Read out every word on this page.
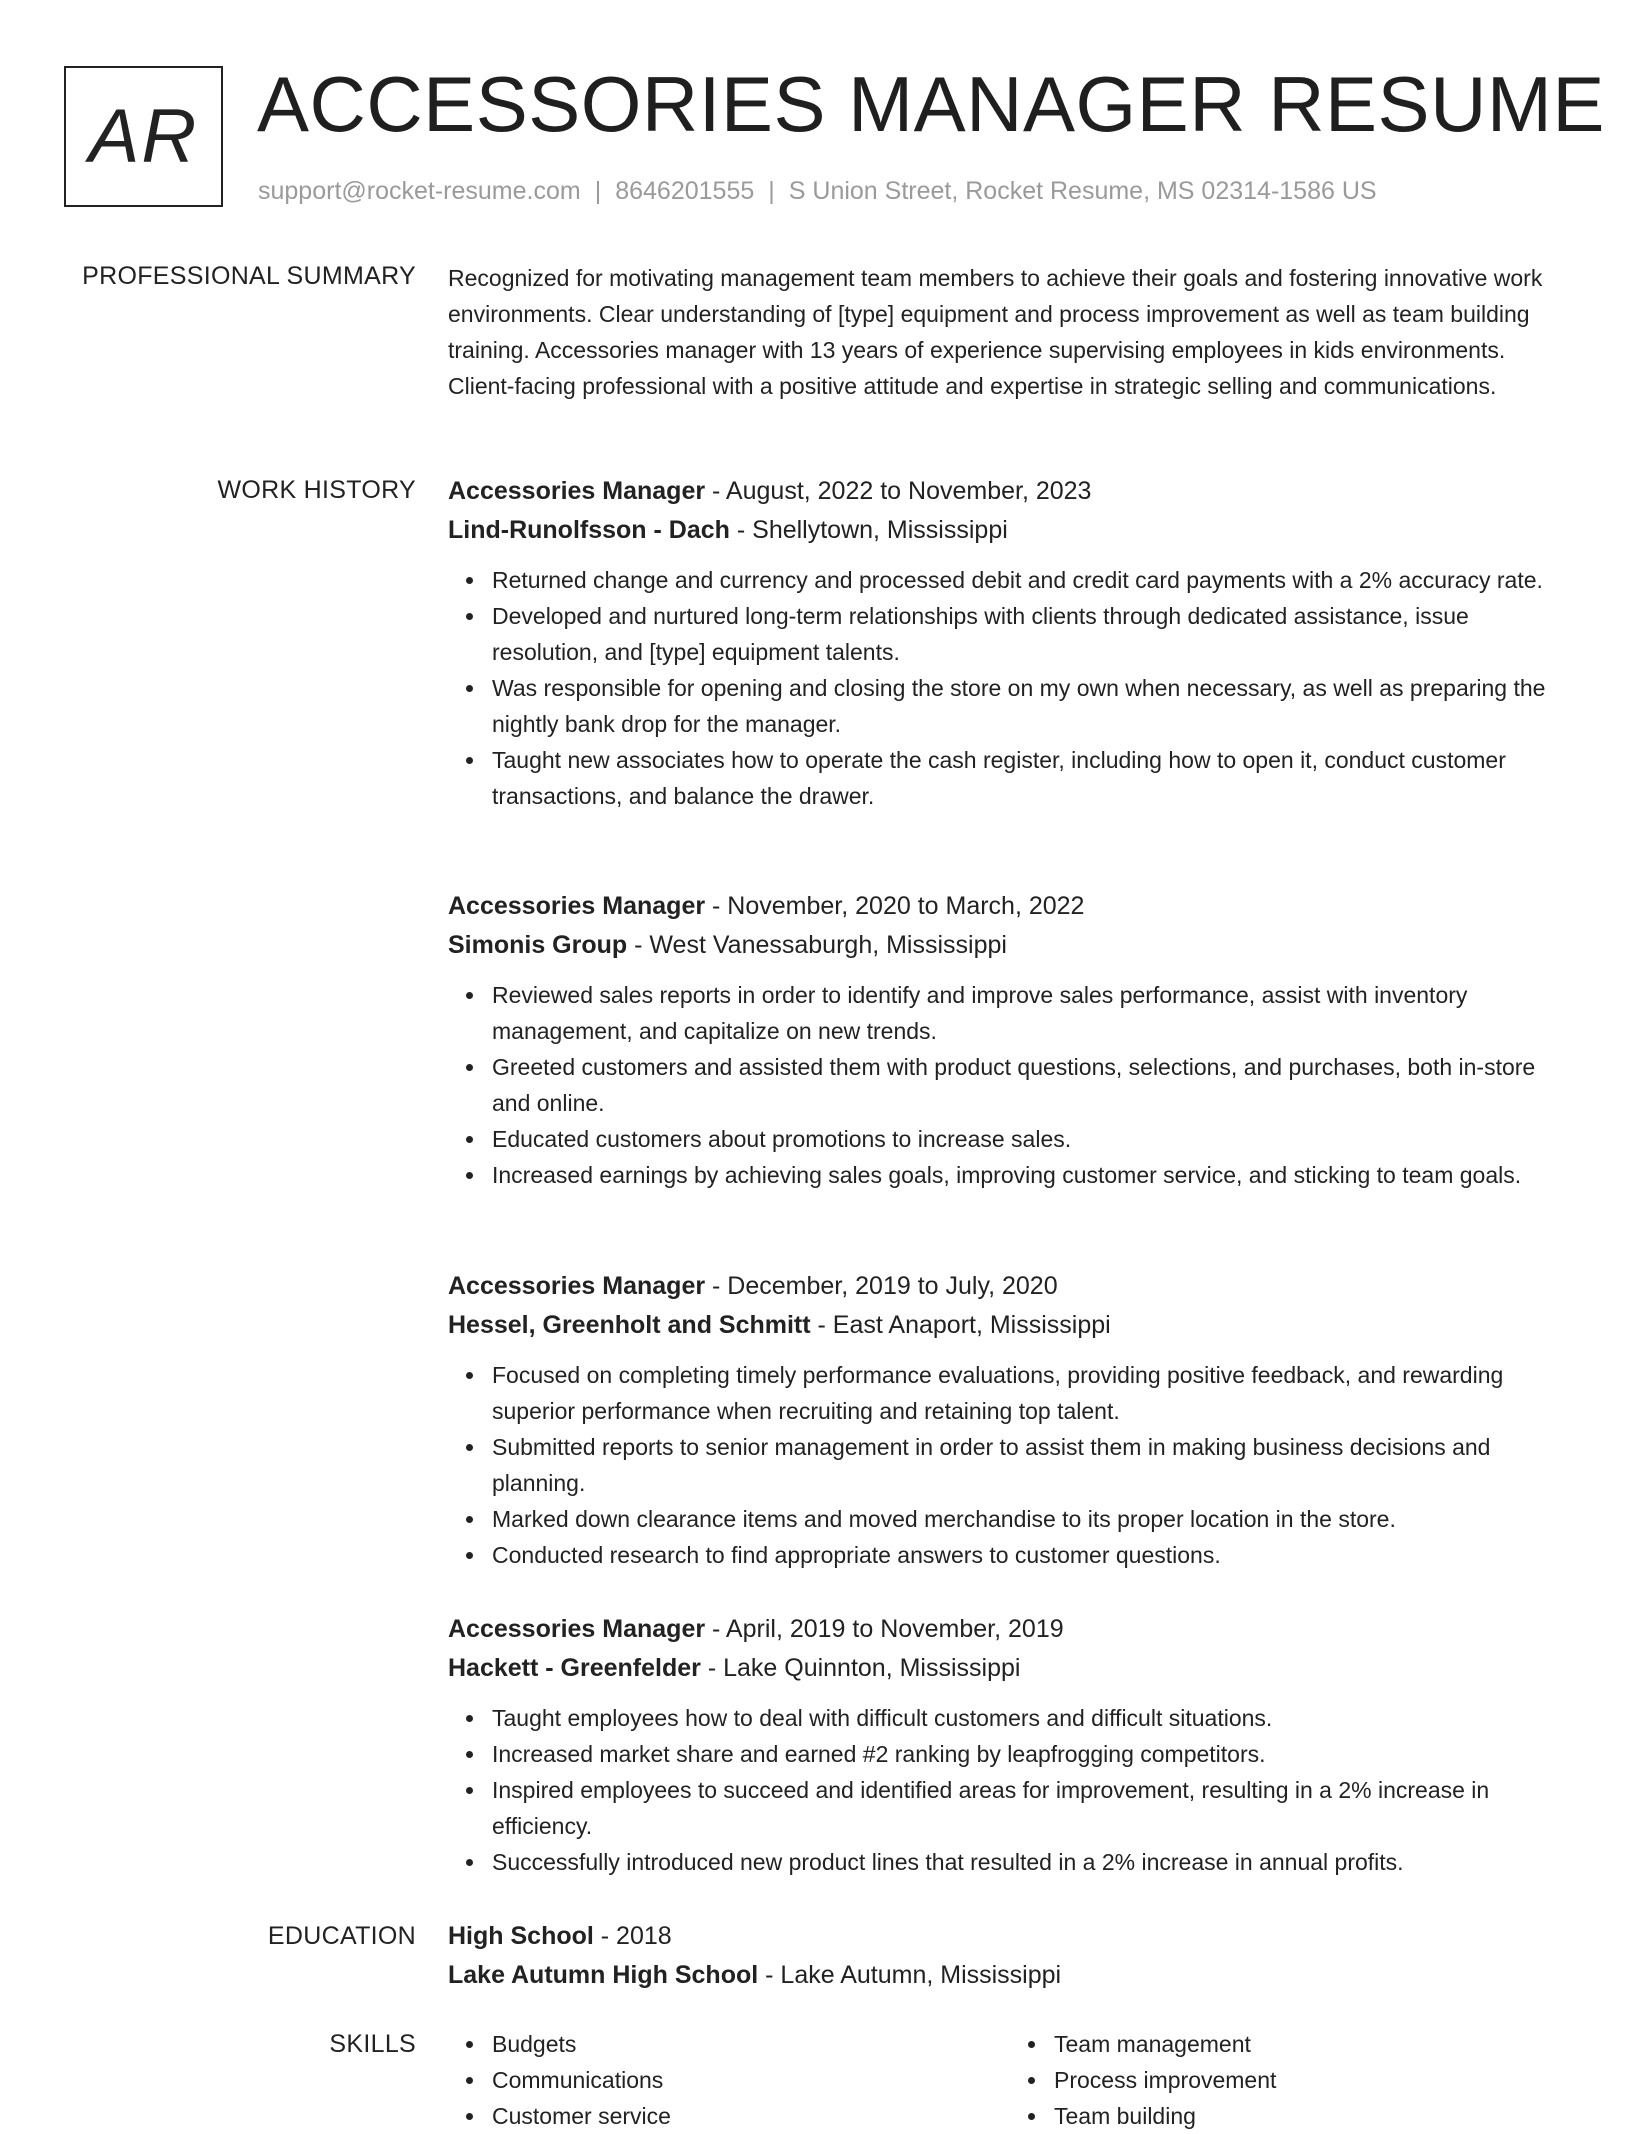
AR ACCESSORIES MANAGER RESUME
support@rocket-resume.com | 8646201555 | S Union Street, Rocket Resume, MS 02314-1586 US
PROFESSIONAL SUMMARY Recognized for motivating management team members to achieve their goals and fostering innovative work environments. Clear understanding of [type] equipment and process improvement as well as team building training. Accessories manager with 13 years of experience supervising employees in kids environments. Client-facing professional with a positive attitude and expertise in strategic selling and communications.
WORK HISTORY Accessories Manager - August, 2022 to November, 2023
Lind-Runolfsson - Dach - Shellytown, Mississippi
Returned change and currency and processed debit and credit card payments with a 2% accuracy rate.
Developed and nurtured long-term relationships with clients through dedicated assistance, issue resolution, and [type] equipment talents.
Was responsible for opening and closing the store on my own when necessary, as well as preparing the nightly bank drop for the manager.
Taught new associates how to operate the cash register, including how to open it, conduct customer transactions, and balance the drawer.
Accessories Manager - November, 2020 to March, 2022
Simonis Group - West Vanessaburgh, Mississippi
Reviewed sales reports in order to identify and improve sales performance, assist with inventory management, and capitalize on new trends.
Greeted customers and assisted them with product questions, selections, and purchases, both in-store and online.
Educated customers about promotions to increase sales.
Increased earnings by achieving sales goals, improving customer service, and sticking to team goals.
Accessories Manager - December, 2019 to July, 2020
Hessel, Greenholt and Schmitt - East Anaport, Mississippi
Focused on completing timely performance evaluations, providing positive feedback, and rewarding superior performance when recruiting and retaining top talent.
Submitted reports to senior management in order to assist them in making business decisions and planning.
Marked down clearance items and moved merchandise to its proper location in the store.
Conducted research to find appropriate answers to customer questions.
Accessories Manager - April, 2019 to November, 2019
Hackett - Greenfelder - Lake Quinnton, Mississippi
Taught employees how to deal with difficult customers and difficult situations.
Increased market share and earned #2 ranking by leapfrogging competitors.
Inspired employees to succeed and identified areas for improvement, resulting in a 2% increase in efficiency.
Successfully introduced new product lines that resulted in a 2% increase in annual profits.
EDUCATION High School - 2018
Lake Autumn High School - Lake Autumn, Mississippi
SKILLS	Budgets
Communications
Customer service
Team management
Process improvement
Team building
